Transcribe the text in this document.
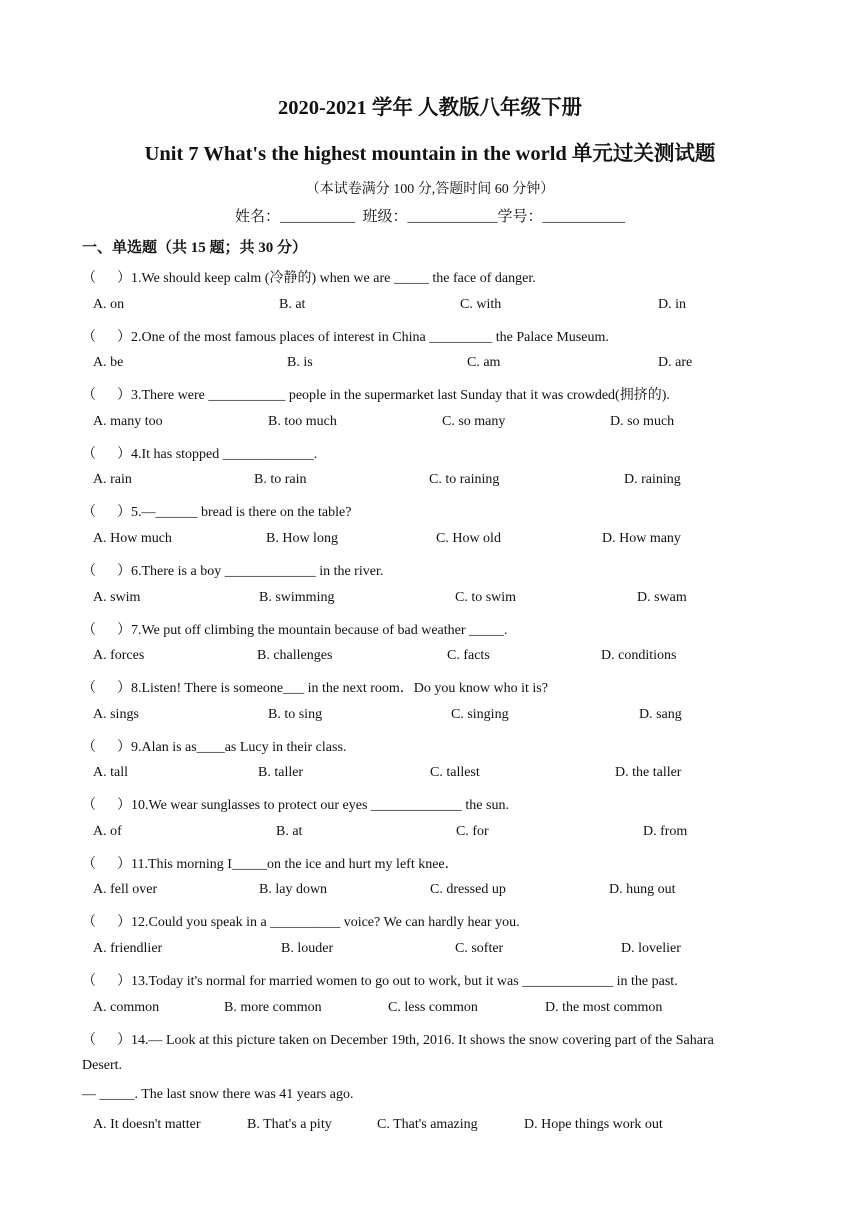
2020-2021 学年 人教版八年级下册
Unit 7 What's the highest mountain in the world 单元过关测试题
（本试卷满分 100 分,答题时间 60 分钟）
姓名：__________  班级：____________学号：___________
一、单选题（共 15 题；共 30 分）
（      ）1.We should keep calm (冷静的) when we are _____ the face of danger.
A. on	B. at	C. with	D. in
（      ）2.One of the most famous places of interest in China _________ the Palace Museum.
A. be	B. is	C. am	D. are
（      ）3.There were ___________ people in the supermarket last Sunday that it was crowded(拥挤的).
A. many too	B. too much	C. so many	D. so much
（      ）4.It has stopped _____________.
A. rain	B. to rain	C. to raining	D. raining
（      ）5.—______ bread is there on the table?
A. How much	B. How long	C. How old	D. How many
（      ）6.There is a boy _____________ in the river.
A. swim	B. swimming	C. to swim	D. swam
（      ）7.We put off climbing the mountain because of bad weather _____.
A. forces	B. challenges	C. facts	D. conditions
（      ）8.Listen! There is someone___ in the next room．Do you know who it is?
A. sings	B. to sing	C. singing	D. sang
（      ）9.Alan is as____as Lucy in their class.
A. tall	B. taller	C. tallest	D. the taller
（      ）10.We wear sunglasses to protect our eyes _____________ the sun.
A. of	B. at	C. for	D. from
（      ）11.This morning I_____on the ice and hurt my left knee．
A. fell over	B. lay down	C. dressed up	D. hung out
（      ）12.Could you speak in a __________ voice? We can hardly hear you.
A. friendlier	B. louder	C. softer	D. lovelier
（      ）13.Today it's normal for married women to go out to work, but it was _____________ in the past.
A. common	B. more common	C. less common	D. the most common
（      ）14.— Look at this picture taken on December 19th, 2016. It shows the snow covering part of the Sahara
Desert.
— _____. The last snow there was 41 years ago.
A. It doesn't matter	B. That's a pity	C. That's amazing	D. Hope things work out
